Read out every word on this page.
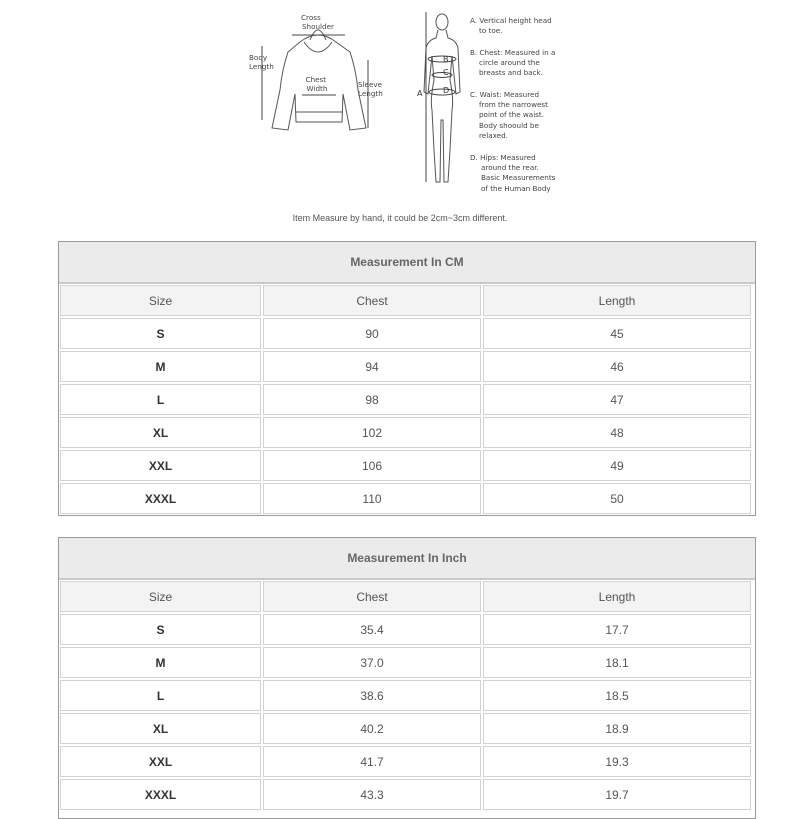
Cross Shoulder
Body Length
Chest Width	Sleeve Length	A
B
C
D
A. Vertical height head to toe.
B. Chest: Measured in a circle around the breasts and back.
C. Waist: Measured from the narrowest point of the waist. Body shoould be relaxed.
D. Hips: Measured around the rear. Basic Measurements of the Human Body
Item Measure by hand, it could be 2cm~3cm different.
Measurement In CM
Size	Chest	Length
S	90	45
M	94	46
L	98	47
XL	102	48
XXL	106	49
XXXL	110	50
Measurement In Inch
Size	Chest	Length
S	35.4	17.7
M	37.0	18.1
L	38.6	18.5
XL	40.2	18.9
XXL	41.7	19.3
XXXL	43.3	19.7
